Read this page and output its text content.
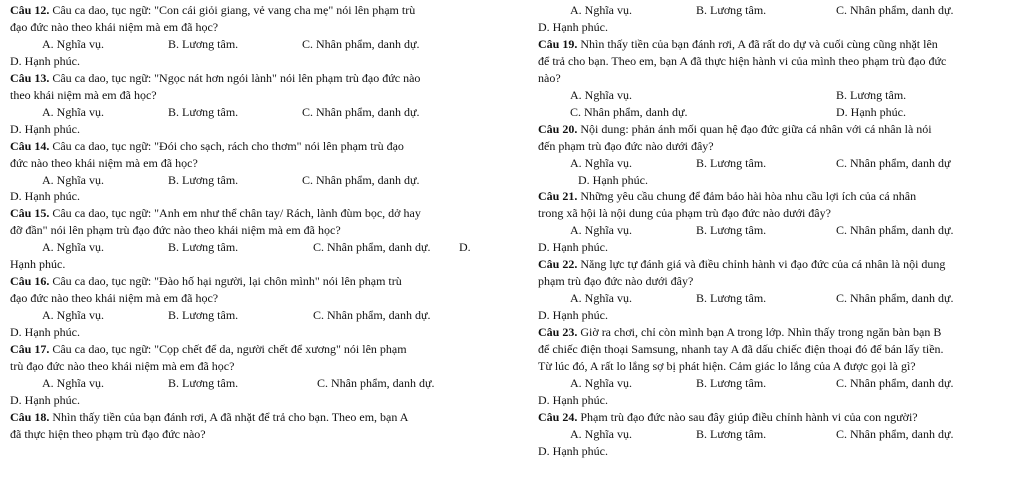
Câu 12. Câu ca dao, tục ngữ: "Con cái giỏi giang, vẻ vang cha mẹ" nói lên phạm trù
đạo đức nào theo khái niệm mà em đã học?
A. Nghĩa vụ.	B. Lương tâm.	C. Nhân phẩm, danh dự.
D. Hạnh phúc.
Câu 13. Câu ca dao, tục ngữ: "Ngọc nát hơn ngói lành" nói lên phạm trù đạo đức nào
theo khái niệm mà em đã học?
A. Nghĩa vụ.	B. Lương tâm.	C. Nhân phẩm, danh dự.
D. Hạnh phúc.
Câu 14. Câu ca dao, tục ngữ: "Đói cho sạch, rách cho thơm" nói lên phạm trù đạo
đức nào theo khái niệm mà em đã học?
A. Nghĩa vụ.	B. Lương tâm.	C. Nhân phẩm, danh dự.
D. Hạnh phúc.
Câu 15. Câu ca dao, tục ngữ: "Anh em như thể chân tay/ Rách, lành đùm bọc, dở hay
đỡ đần" nói lên phạm trù đạo đức nào theo khái niệm mà em đã học?
A. Nghĩa vụ.	B. Lương tâm.	C. Nhân phẩm, danh dự. D.
Hạnh phúc.
Câu 16. Câu ca dao, tục ngữ: "Đào hố hại người, lại chôn mình" nói lên phạm trù
đạo đức nào theo khái niệm mà em đã học?
A. Nghĩa vụ.	B. Lương tâm.	C. Nhân phẩm, danh dự.
D. Hạnh phúc.
Câu 17. Câu ca dao, tục ngữ: "Cọp chết để da, người chết để xương" nói lên phạm
trù đạo đức nào theo khái niệm mà em đã học?
A. Nghĩa vụ.	B. Lương tâm.	C. Nhân phẩm, danh dự.
D. Hạnh phúc.
Câu 18. Nhìn thấy tiền của bạn đánh rơi, A đã nhặt để trả cho bạn. Theo em, bạn A
đã thực hiện theo phạm trù đạo đức nào?
A. Nghĩa vụ.	B. Lương tâm.	C. Nhân phẩm, danh dự.
D. Hạnh phúc.
Câu 19. Nhìn thấy tiền của bạn đánh rơi, A đã rất do dự và cuối cùng cũng nhặt lên
để trả cho bạn. Theo em, bạn A đã thực hiện hành vi của mình theo phạm trù đạo đức
nào?
A. Nghĩa vụ.	B. Lương tâm.
C. Nhân phẩm, danh dự.	D. Hạnh phúc.
Câu 20. Nội dung: phản ánh mối quan hệ đạo đức giữa cá nhân với cá nhân là nói
đến phạm trù đạo đức nào dưới đây?
A. Nghĩa vụ.	B. Lương tâm.	C. Nhân phẩm, danh dự
D. Hạnh phúc.
Câu 21. Những yêu cầu chung để đảm bảo hài hòa nhu cầu lợi ích của cá nhân
trong xã hội là nội dung của phạm trù đạo đức nào dưới đây?
A. Nghĩa vụ.	B. Lương tâm.	C. Nhân phẩm, danh dự.
D. Hạnh phúc.
Câu 22. Năng lực tự đánh giá và điều chỉnh hành vi đạo đức của cá nhân là nội dung
phạm trù đạo đức nào dưới đây?
A. Nghĩa vụ.	B. Lương tâm.	C. Nhân phẩm, danh dự.
D. Hạnh phúc.
Câu 23. Giờ ra chơi, chỉ còn mình bạn A trong lớp. Nhìn thấy trong ngăn bàn bạn B
để chiếc điện thoại Samsung, nhanh tay A đã dấu chiếc điện thoại đó để bán lấy tiền.
Từ lúc đó, A rất lo lắng sợ bị phát hiện. Cảm giác lo lắng của A được gọi là gì?
A. Nghĩa vụ.	B. Lương tâm.	C. Nhân phẩm, danh dự.
D. Hạnh phúc.
Câu 24. Phạm trù đạo đức nào sau đây giúp điều chỉnh hành vi của con người?
A. Nghĩa vụ.	B. Lương tâm.	C. Nhân phẩm, danh dự.
D. Hạnh phúc.
